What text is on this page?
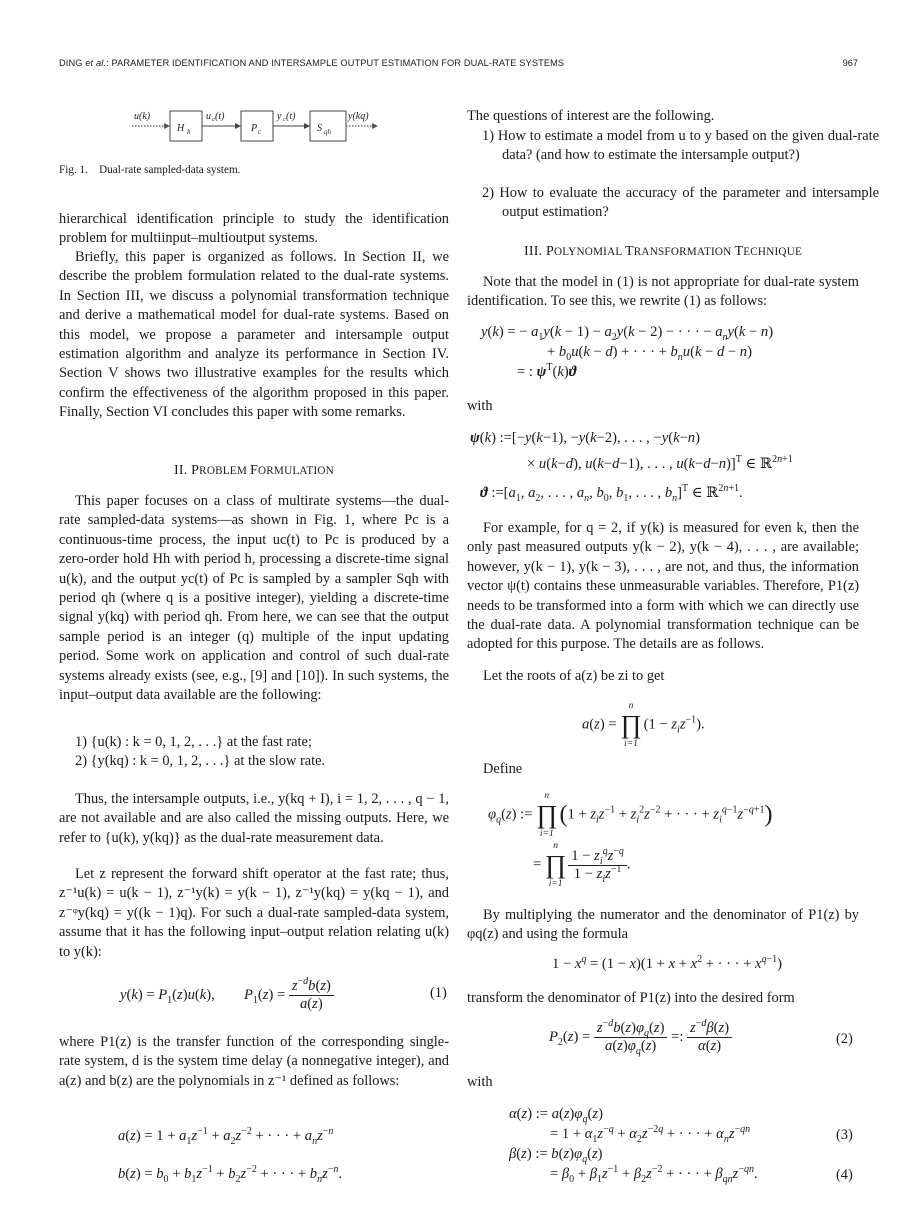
DING et al.: PARAMETER IDENTIFICATION AND INTERSAMPLE OUTPUT ESTIMATION FOR DUAL-RATE SYSTEMS	967
u(k)
H h
u c (t)
P c
y c (t)
S qh
y(kq)
Fig. 1. Dual-rate sampled-data system.

hierarchical identification principle to study the identification problem for multiinput–multioutput systems.

Briefly, this paper is organized as follows. In Section II, we describe the problem formulation related to the dual-rate systems. In Section III, we discuss a polynomial transformation technique and derive a mathematical model for dual-rate systems. Based on this model, we propose a parameter and intersample output estimation algorithm and analyze its performance in Section IV. Section V shows two illustrative examples for the results which confirm the effectiveness of the algorithm proposed in this paper. Finally, Section VI concludes this paper with some remarks.

II. PROBLEM FORMULATION

This paper focuses on a class of multirate systems—the dual-rate sampled-data systems—as shown in Fig. 1, where Pc is a continuous-time process, the input uc(t) to Pc is produced by a zero-order hold Hh with period h, processing a discrete-time signal u(k), and the output yc(t) of Pc is sampled by a sampler Sqh with period qh (where q is a positive integer), yielding a discrete-time signal y(kq) with period qh. From here, we can see that the output sample period is an integer (q) multiple of the input updating period. Some work on application and control of such dual-rate systems already exists (see, e.g., [9] and [10]). In such systems, the input–output data available are the following:

1) {u(k) : k = 0, 1, 2, . . .} at the fast rate;
2) {y(kq) : k = 0, 1, 2, . . .} at the slow rate.

Thus, the intersample outputs, i.e., y(kq + I), i = 1, 2, . . . , q − 1, are not available and are also called the missing outputs. Here, we refer to {u(k), y(kq)} as the dual-rate measurement data.

Let z represent the forward shift operator at the fast rate; thus, z⁻¹u(k) = u(k − 1), z⁻¹y(k) = y(k − 1), z⁻¹y(kq) = y(kq − 1), and z⁻ᵠy(kq) = y((k − 1)q). For such a dual-rate sampled-data system, assume that it has the following input–output relation relating u(k) to y(k):

$y(k) = P_1(z)u(k)$,        $P_1(z) = \frac{z^{-d}b(z)}{a(z)}$	(1)

where P1(z) is the transfer function of the corresponding single-rate system, d is the system time delay (a nonnegative integer), and a(z) and b(z) are the polynomials in z⁻¹ defined as follows:

$a(z) = 1 + a_1z^{-1} + a_2z^{-2}$ + · · · + $a_nz^{-n}$
$b(z) = b_0 + b_1z^{-1} + b_2z^{-2}$ + · · · + $b_nz^{-n}$.

The questions of interest are the following.

1) How to estimate a model from u to y based on the given dual-rate data? (and how to estimate the intersample output?)

2) How to evaluate the accuracy of the parameter and intersample output estimation?

III. POLYNOMIAL TRANSFORMATION TECHNIQUE

Note that the model in (1) is not appropriate for dual-rate system identification. To see this, we rewrite (1) as follows:

y(k) = − $a_1y(k - 1) - a_2y(k - 2)$ − · · · − $a_ny(k - n)$
+ $b_0u(k - d)$ + · · · + $b_nu(k - d - n)$
= : $\psi^T(k)ϑ$

with

ψ(k) :=[−y(k−1), −y(k−2), . . . , −y(k−n)
× u(k−d), u(k−d−1), . . . , u(k−d−n)]$^T$ ∈ ℝ$^{2n+1}$
ϑ $:=[a_1$, $a_2$, . . . , $a_n$, $b_0$, $b_1$, . . . , $b_n]^T$ ∈ ℝ$^{2n+1}$.

For example, for q = 2, if y(k) is measured for even k, then the only past measured outputs y(k − 2), y(k − 4), . . . , are available; however, y(k − 1), y(k − 3), . . . , are not, and thus, the information vector ψ(t) contains these unmeasurable variables. Therefore, P1(z) needs to be transformed into a form with which we can directly use the dual-rate data. A polynomial transformation technique can be adopted for this purpose. The details are as follows.

Let the roots of a(z) be zi to get

a(z) =
n
∏
i=1
$(1 - z_iz^{-1})$.

Define

$\varphi_q(z)$ :=
n
∏
i=1
($1 + z_iz^{-1} + z_i^2z^{-2}$ + · · · + $z_i^{q-1}z^{-q+1}$)
=
n
∏
i=1
$\frac{1 - z_i^qz^{-q}}{1 - z_iz^{-1}}$ .

By multiplying the numerator and the denominator of P1(z) by φq(z) and using the formula

$1 - x^q = (1 - x)(1 + x + x^2$ + · · · + $x^{q-1}$)

transform the denominator of P1(z) into the desired form

$P_2(z) = \frac{z^{-d}b(z)\varphi_q(z)}{a(z)\varphi_q(z)}$ =: $\frac{z^{-d}\beta(z)}{\alpha(z)}$	(2)

with

α(z) := $a(z)\varphi_q(z)$
= $1 + \alpha_1z^{-q} + \alpha_2z^{-2q}$ + · · · + $\alpha_nz^{-qn}$	(3)
β(z) := $b(z)\varphi_q(z)$
= $\beta_0 + \beta_1z^{-1} + \beta_2z^{-2}$ + · · · + $\beta_{qn}z^{-qn}$.	(4)
